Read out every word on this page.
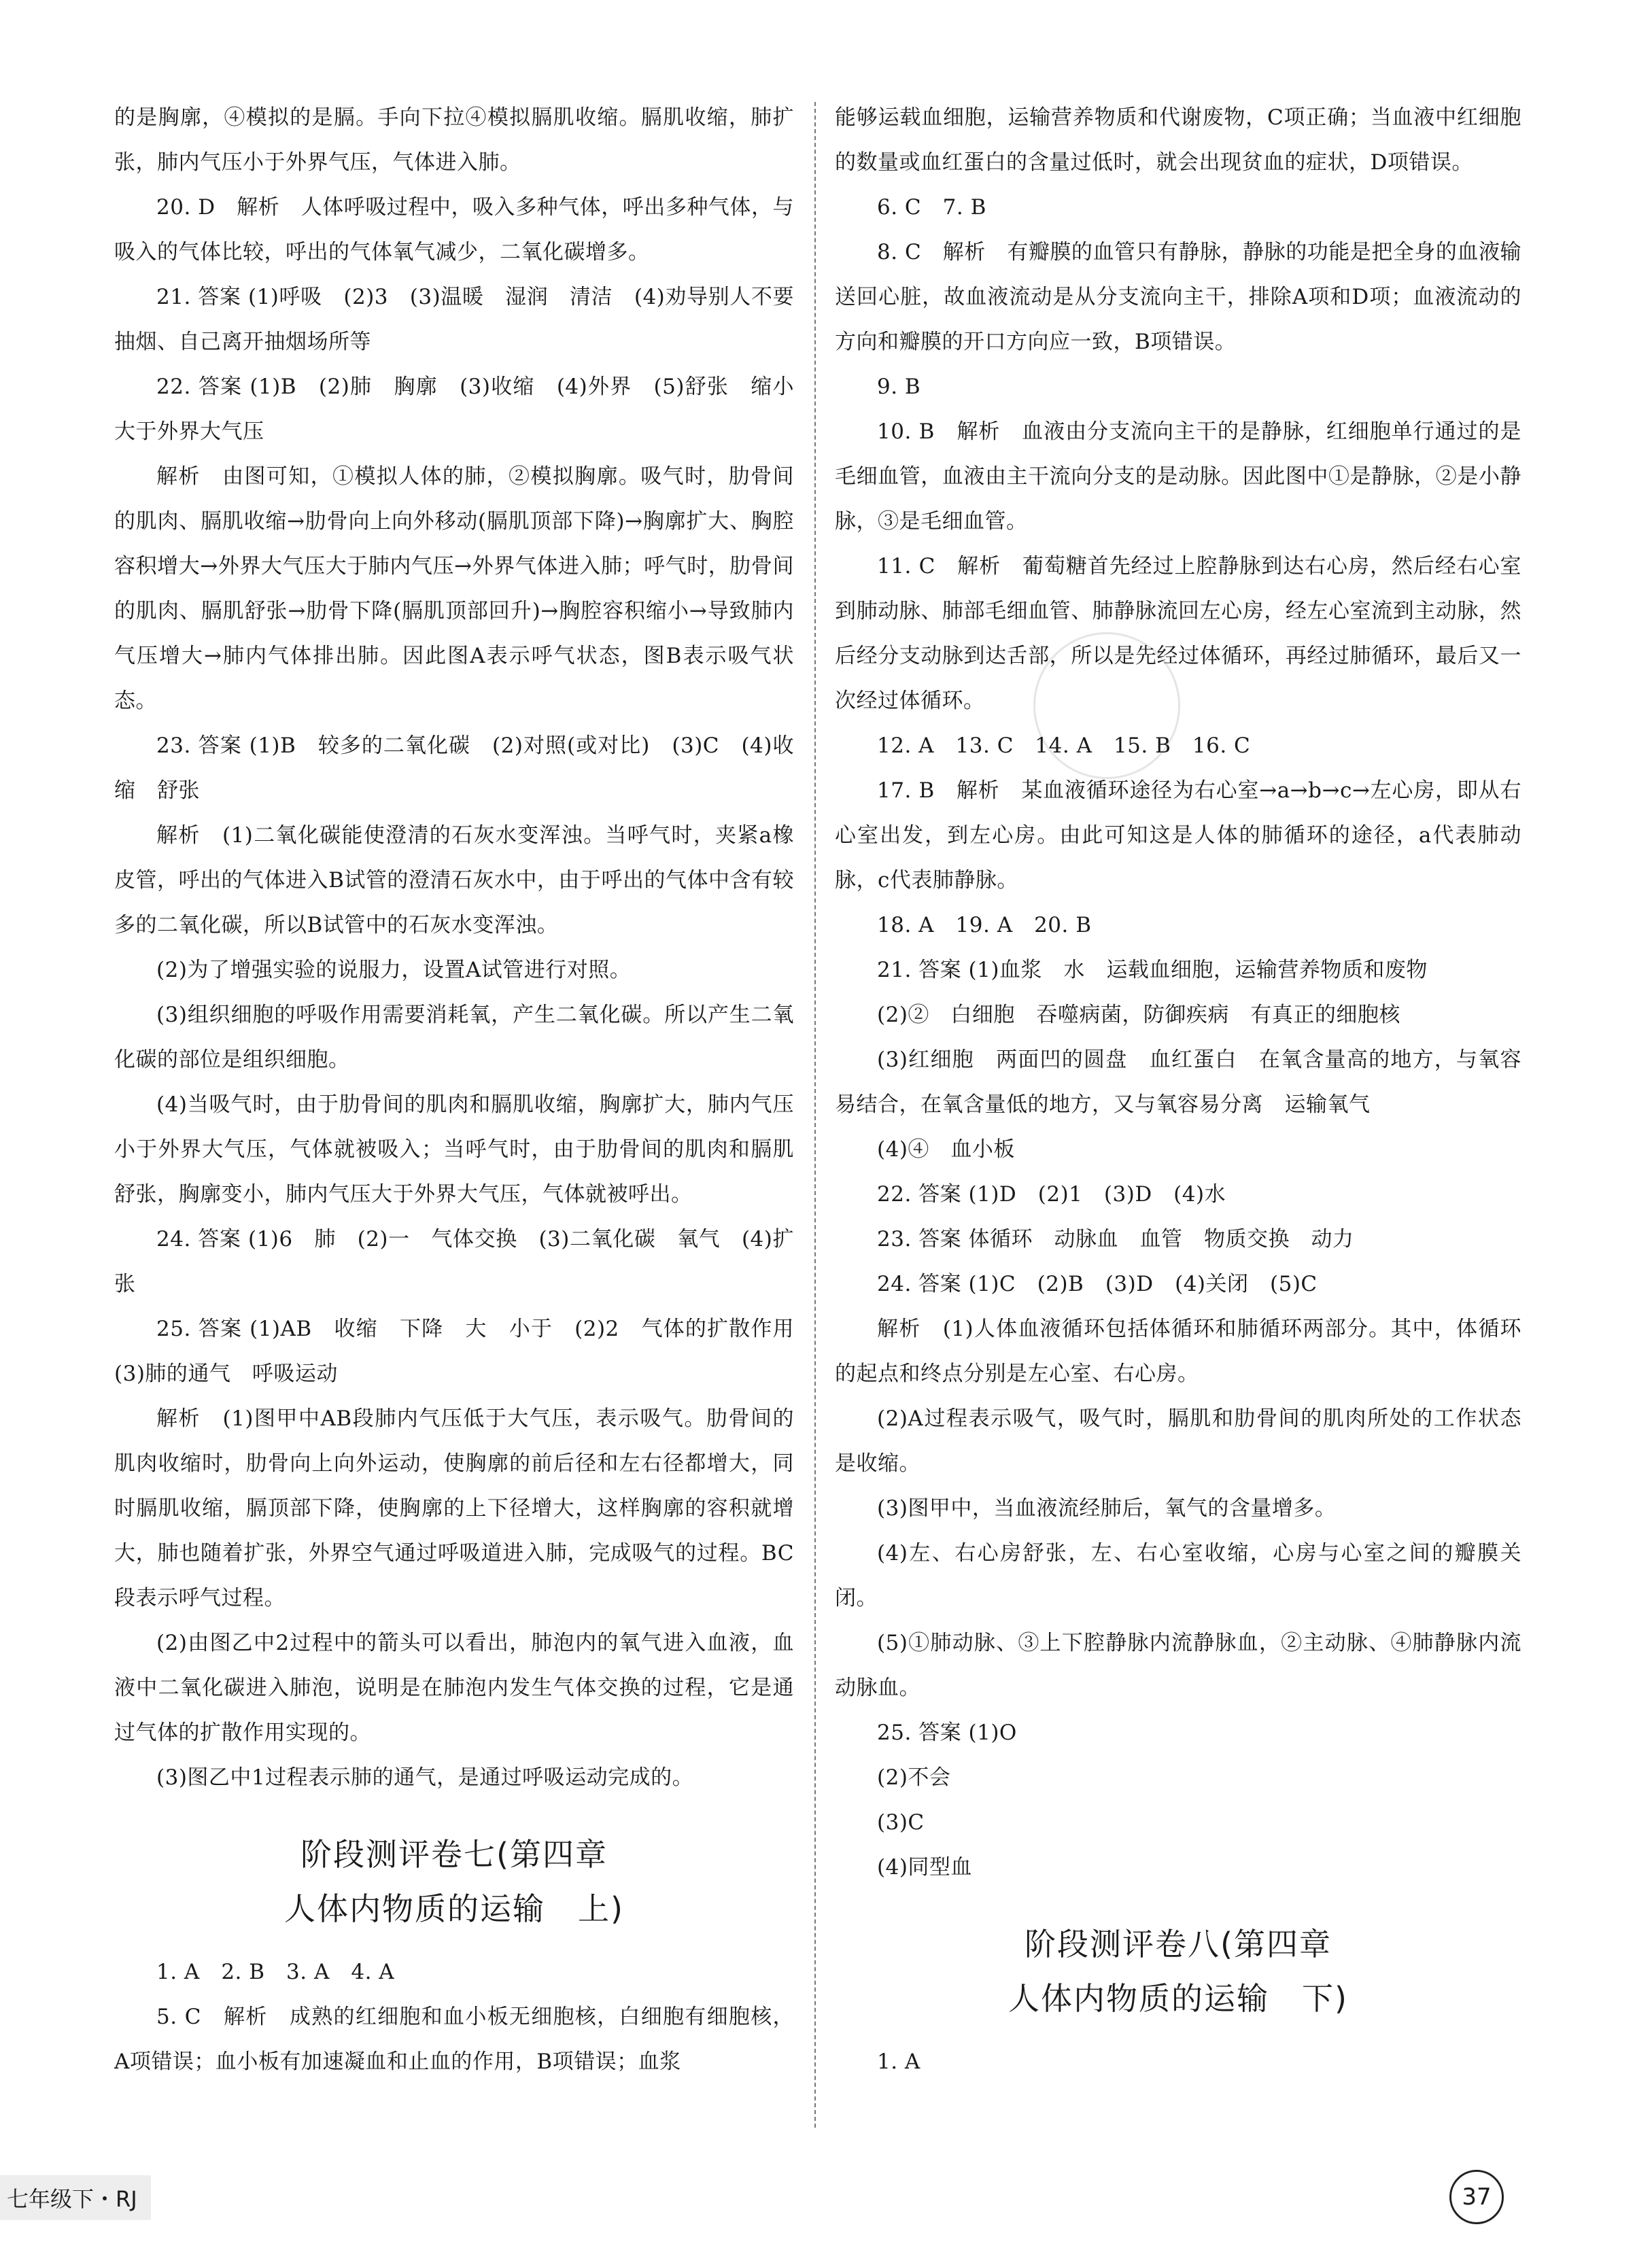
的是胸廓，④模拟的是膈。手向下拉④模拟膈肌收缩。膈肌收缩，肺扩张，肺内气压小于外界气压，气体进入肺。

20. D　解析　人体呼吸过程中，吸入多种气体，呼出多种气体，与吸入的气体比较，呼出的气体氧气减少，二氧化碳增多。

21. 答案 (1)呼吸　(2)3　(3)温暖　湿润　清洁　(4)劝导别人不要抽烟、自己离开抽烟场所等

22. 答案 (1)B　(2)肺　胸廓　(3)收缩　(4)外界　(5)舒张　缩小　大于外界大气压

解析　由图可知，①模拟人体的肺，②模拟胸廓。吸气时，肋骨间的肌肉、膈肌收缩→肋骨向上向外移动(膈肌顶部下降)→胸廓扩大、胸腔容积增大→外界大气压大于肺内气压→外界气体进入肺；呼气时，肋骨间的肌肉、膈肌舒张→肋骨下降(膈肌顶部回升)→胸腔容积缩小→导致肺内气压增大→肺内气体排出肺。因此图A表示呼气状态，图B表示吸气状态。

23. 答案 (1)B　较多的二氧化碳　(2)对照(或对比)　(3)C　(4)收缩　舒张

解析　(1)二氧化碳能使澄清的石灰水变浑浊。当呼气时，夹紧a橡皮管，呼出的气体进入B试管的澄清石灰水中，由于呼出的气体中含有较多的二氧化碳，所以B试管中的石灰水变浑浊。

(2)为了增强实验的说服力，设置A试管进行对照。

(3)组织细胞的呼吸作用需要消耗氧，产生二氧化碳。所以产生二氧化碳的部位是组织细胞。

(4)当吸气时，由于肋骨间的肌肉和膈肌收缩，胸廓扩大，肺内气压小于外界大气压，气体就被吸入；当呼气时，由于肋骨间的肌肉和膈肌舒张，胸廓变小，肺内气压大于外界大气压，气体就被呼出。

24. 答案 (1)6　肺　(2)一　气体交换　(3)二氧化碳　氧气　(4)扩张

25. 答案 (1)AB　收缩　下降　大　小于　(2)2　气体的扩散作用　(3)肺的通气　呼吸运动

解析　(1)图甲中AB段肺内气压低于大气压，表示吸气。肋骨间的肌肉收缩时，肋骨向上向外运动，使胸廓的前后径和左右径都增大，同时膈肌收缩，膈顶部下降，使胸廓的上下径增大，这样胸廓的容积就增大，肺也随着扩张，外界空气通过呼吸道进入肺，完成吸气的过程。BC段表示呼气过程。

(2)由图乙中2过程中的箭头可以看出，肺泡内的氧气进入血液，血液中二氧化碳进入肺泡，说明是在肺泡内发生气体交换的过程，它是通过气体的扩散作用实现的。

(3)图乙中1过程表示肺的通气，是通过呼吸运动完成的。

阶段测评卷七(第四章

人体内物质的运输　上)

1. A　2. B　3. A　4. A

5. C　解析　成熟的红细胞和血小板无细胞核，白细胞有细胞核，A项错误；血小板有加速凝血和止血的作用，B项错误；血浆

能够运载血细胞，运输营养物质和代谢废物，C项正确；当血液中红细胞的数量或血红蛋白的含量过低时，就会出现贫血的症状，D项错误。

6. C　7. B

8. C　解析　有瓣膜的血管只有静脉，静脉的功能是把全身的血液输送回心脏，故血液流动是从分支流向主干，排除A项和D项；血液流动的方向和瓣膜的开口方向应一致，B项错误。

9. B

10. B　解析　血液由分支流向主干的是静脉，红细胞单行通过的是毛细血管，血液由主干流向分支的是动脉。因此图中①是静脉，②是小静脉，③是毛细血管。

11. C　解析　葡萄糖首先经过上腔静脉到达右心房，然后经右心室到肺动脉、肺部毛细血管、肺静脉流回左心房，经左心室流到主动脉，然后经分支动脉到达舌部，所以是先经过体循环，再经过肺循环，最后又一次经过体循环。

12. A　13. C　14. A　15. B　16. C

17. B　解析　某血液循环途径为右心室→a→b→c→左心房，即从右心室出发，到左心房。由此可知这是人体的肺循环的途径，a代表肺动脉，c代表肺静脉。

18. A　19. A　20. B

21. 答案 (1)血浆　水　运载血细胞，运输营养物质和废物

(2)②　白细胞　吞噬病菌，防御疾病　有真正的细胞核

(3)红细胞　两面凹的圆盘　血红蛋白　在氧含量高的地方，与氧容易结合，在氧含量低的地方，又与氧容易分离　运输氧气

(4)④　血小板

22. 答案 (1)D　(2)1　(3)D　(4)水

23. 答案 体循环　动脉血　血管　物质交换　动力

24. 答案 (1)C　(2)B　(3)D　(4)关闭　(5)C

解析　(1)人体血液循环包括体循环和肺循环两部分。其中，体循环的起点和终点分别是左心室、右心房。

(2)A过程表示吸气，吸气时，膈肌和肋骨间的肌肉所处的工作状态是收缩。

(3)图甲中，当血液流经肺后，氧气的含量增多。

(4)左、右心房舒张，左、右心室收缩，心房与心室之间的瓣膜关闭。

(5)①肺动脉、③上下腔静脉内流静脉血，②主动脉、④肺静脉内流动脉血。

25. 答案 (1)O

(2)不会

(3)C

(4)同型血

阶段测评卷八(第四章

人体内物质的运输　下)

1. A

七年级下・RJ	37
